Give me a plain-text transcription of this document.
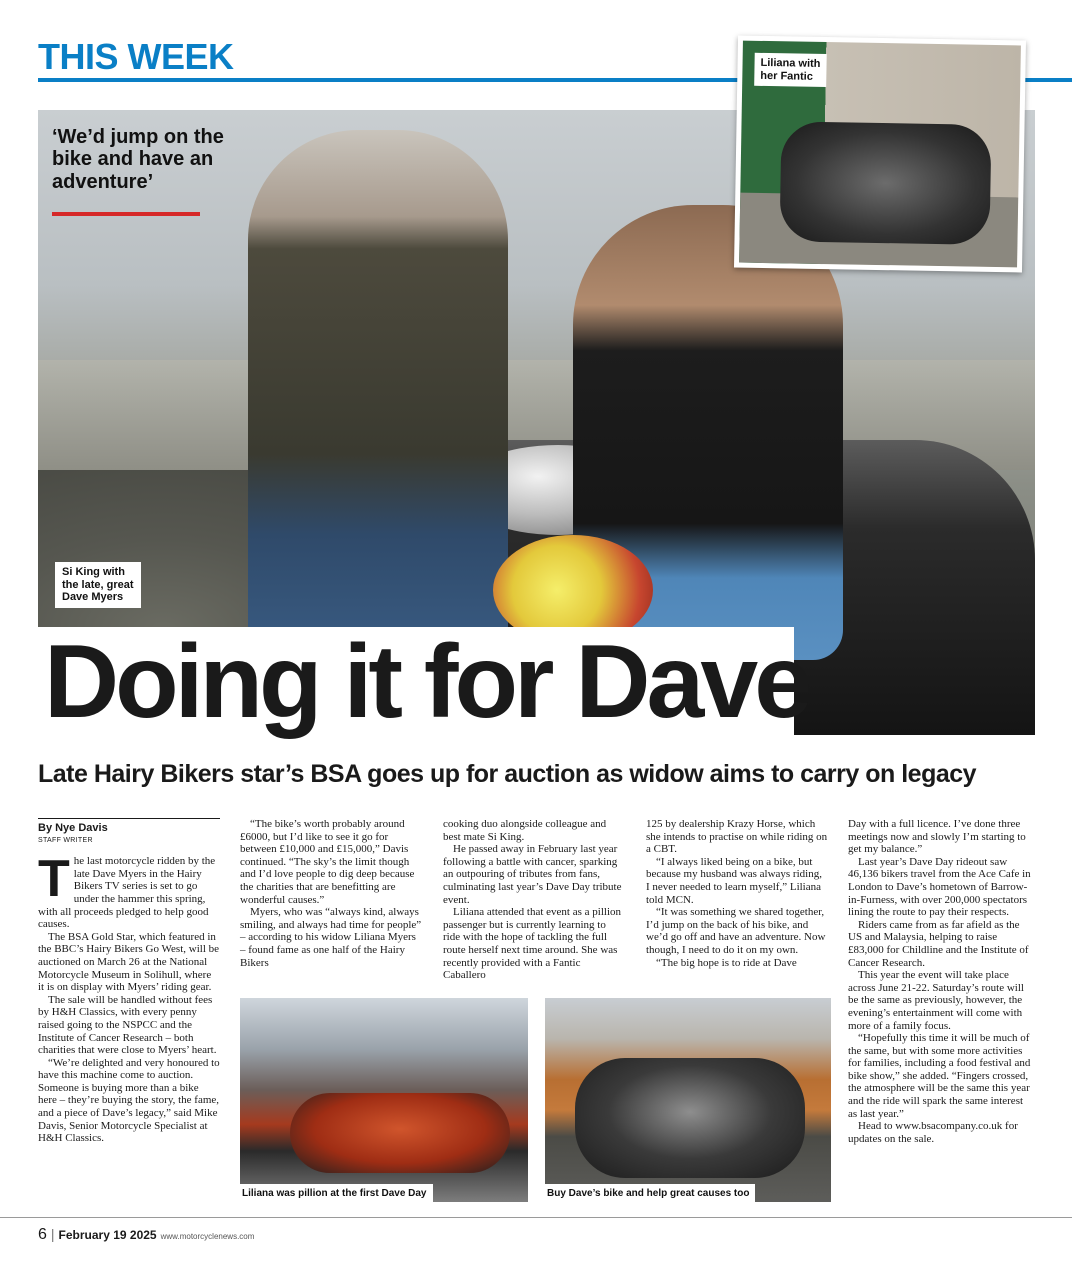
THIS WEEK
‘We’d jump on the bike and have an adventure’
Si King with
the late, great
Dave Myers
Liliana with
her Fantic
Doing it for Dave
Late Hairy Bikers star’s BSA goes up for auction as widow aims to carry on legacy
By Nye Davis
STAFF WRITER

The last motorcycle ridden by the late Dave Myers in the Hairy Bikers TV series is set to go under the hammer this spring, with all proceeds pledged to help good causes.

The BSA Gold Star, which featured in the BBC’s Hairy Bikers Go West, will be auctioned on March 26 at the National Motorcycle Museum in Solihull, where it is on display with Myers’ riding gear.

The sale will be handled without fees by H&H Classics, with every penny raised going to the NSPCC and the Institute of Cancer Research – both charities that were close to Myers’ heart.

“We’re delighted and very honoured to have this machine come to auction. Someone is buying more than a bike here – they’re buying the story, the fame, and a piece of Dave’s legacy,” said Mike Davis, Senior Motorcycle Specialist at H&H Classics.

“The bike’s worth probably around £6000, but I’d like to see it go for between £10,000 and £15,000,” Davis continued. “The sky’s the limit though and I’d love people to dig deep because the charities that are benefitting are wonderful causes.”

Myers, who was “always kind, always smiling, and always had time for people” – according to his widow Liliana Myers – found fame as one half of the Hairy Bikers

cooking duo alongside colleague and best mate Si King.

He passed away in February last year following a battle with cancer, sparking an outpouring of tributes from fans, culminating last year’s Dave Day tribute event.

Liliana attended that event as a pillion passenger but is currently learning to ride with the hope of tackling the full route herself next time around. She was recently provided with a Fantic Caballero

125 by dealership Krazy Horse, which she intends to practise on while riding on a CBT.

“I always liked being on a bike, but because my husband was always riding, I never needed to learn myself,” Liliana told MCN.

“It was something we shared together, I’d jump on the back of his bike, and we’d go off and have an adventure. Now though, I need to do it on my own.

“The big hope is to ride at Dave

Day with a full licence. I’ve done three meetings now and slowly I’m starting to get my balance.”

Last year’s Dave Day rideout saw 46,136 bikers travel from the Ace Cafe in London to Dave’s hometown of Barrow-in-Furness, with over 200,000 spectators lining the route to pay their respects.

Riders came from as far afield as the US and Malaysia, helping to raise £83,000 for Childline and the Institute of Cancer Research.

This year the event will take place across June 21-22. Saturday’s route will be the same as previously, however, the evening’s entertainment will come with more of a family focus.

“Hopefully this time it will be much of the same, but with some more activities for families, including a food festival and bike show,” she added. “Fingers crossed, the atmosphere will be the same this year and the ride will spark the same interest as last year.”

Head to www.bsacompany.co.uk for updates on the sale.

Liliana was pillion at the first Dave Day	Buy Dave’s bike and help great causes too
6 | February 19 2025 www.motorcyclenews.com
